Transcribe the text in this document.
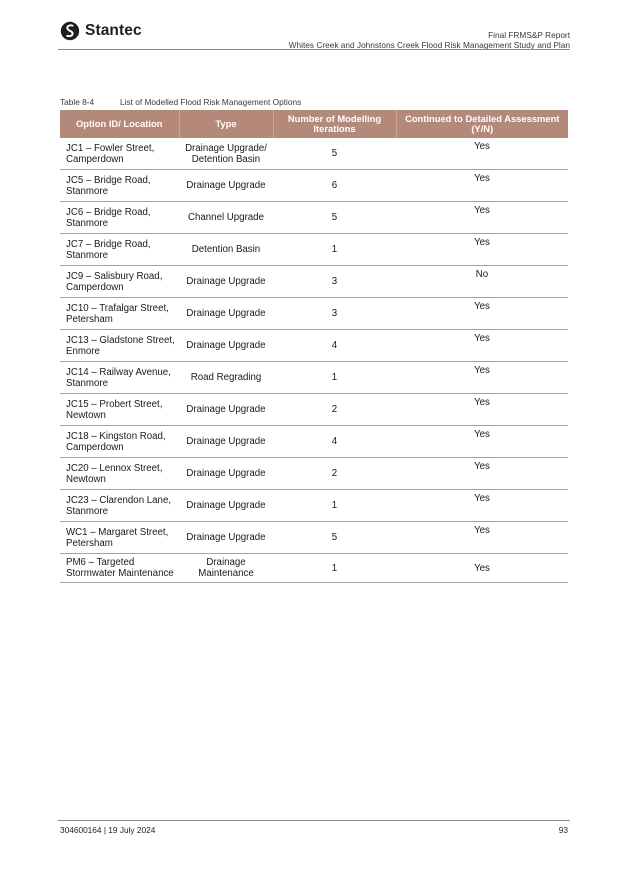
Stantec	Final FRMS&P Report
Whites Creek and Johnstons Creek Flood Risk Management Study and Plan
Table 8-4	List of Modelled Flood Risk Management Options
Option ID/ Location	Type	Number of Modelling Iterations	Continued to Detailed Assessment (Y/N)
JC1 – Fowler Street, Camperdown	Drainage Upgrade/ Detention Basin	5	Yes
JC5 – Bridge Road, Stanmore	Drainage Upgrade	6	Yes
JC6 – Bridge Road, Stanmore	Channel Upgrade	5	Yes
JC7 – Bridge Road, Stanmore	Detention Basin	1	Yes
JC9 – Salisbury Road, Camperdown	Drainage Upgrade	3	No
JC10 – Trafalgar Street, Petersham	Drainage Upgrade	3	Yes
JC13 – Gladstone Street, Enmore	Drainage Upgrade	4	Yes
JC14 – Railway Avenue, Stanmore	Road Regrading	1	Yes
JC15 – Probert Street, Newtown	Drainage Upgrade	2	Yes
JC18 – Kingston Road, Camperdown	Drainage Upgrade	4	Yes
JC20 – Lennox Street, Newtown	Drainage Upgrade	2	Yes
JC23 – Clarendon Lane, Stanmore	Drainage Upgrade	1	Yes
WC1 – Margaret Street, Petersham	Drainage Upgrade	5	Yes
PM6 – Targeted Stormwater Maintenance	Drainage Maintenance	1	Yes
304600164 | 19 July 2024	93
